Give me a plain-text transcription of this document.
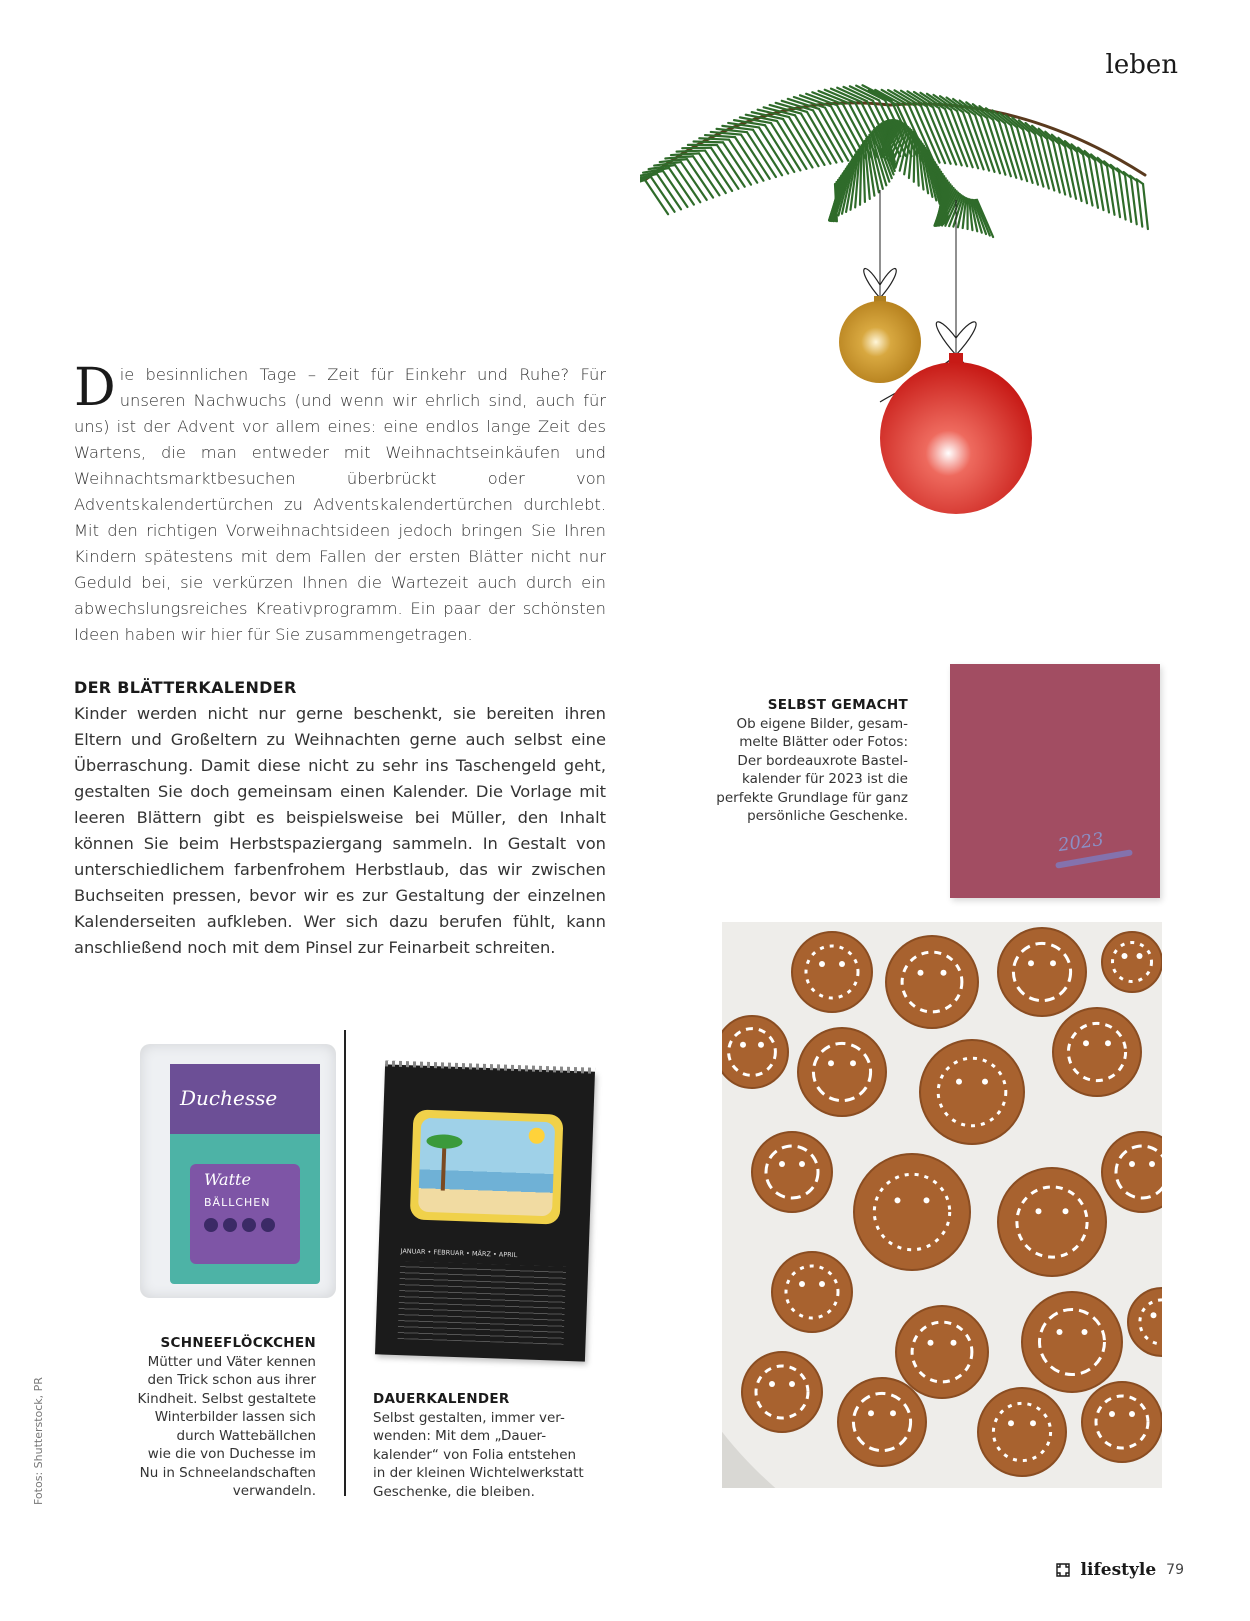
leben

Die besinnlichen Tage – Zeit für Einkehr und Ruhe? Für unseren Nachwuchs (und wenn wir ehrlich sind, auch für uns) ist der Advent vor allem eines: eine endlos lange Zeit des Wartens, die man entweder mit Weihnachtseinkäufen und Weihnachtsmarktbesuchen überbrückt oder von Adventskalendertürchen zu Adventskalendertürchen durchlebt. Mit den richtigen Vorweihnachtsideen jedoch bringen Sie Ihren Kindern spätestens mit dem Fallen der ersten Blätter nicht nur Geduld bei, sie verkürzen Ihnen die Wartezeit auch durch ein abwechslungsreiches Kreativprogramm. Ein paar der schönsten Ideen haben wir hier für Sie zusammengetragen.

DER BLÄTTERKALENDER

Kinder werden nicht nur gerne beschenkt, sie bereiten ihren Eltern und Großeltern zu Weihnachten gerne auch selbst eine Überraschung. Damit diese nicht zu sehr ins Taschengeld geht, gestalten Sie doch gemeinsam einen Kalender. Die Vorlage mit leeren Blättern gibt es beispielsweise bei Müller, den Inhalt können Sie beim Herbstspaziergang sammeln. In Gestalt von unterschiedlichem farbenfrohem Herbstlaub, das wir zwischen Buchseiten pressen, bevor wir es zur Gestaltung der einzelnen Kalenderseiten aufkleben. Wer sich dazu berufen fühlt, kann anschließend noch mit dem Pinsel zur Feinarbeit schreiten.

SELBST GEMACHT

Ob eigene Bilder, gesam-

melte Blätter oder Fotos:

Der bordeauxrote Bastel-

kalender für 2023 ist die

perfekte Grundlage für ganz

persönliche Geschenke.

2023
Duchesse
Watte
BÄLLCHEN
JANUAR • FEBRUAR • MÄRZ • APRIL
SCHNEEFLÖCKCHEN

Mütter und Väter kennen

den Trick schon aus ihrer

Kindheit. Selbst gestaltete

Winterbilder lassen sich

durch Wattebällchen

wie die von Duchesse im

Nu in Schneelandschaften

verwandeln.

DAUERKALENDER

Selbst gestalten, immer ver-

wenden: Mit dem „Dauer-

kalender“ von Folia entstehen

in der kleinen Wichtelwerkstatt

Geschenke, die bleiben.

Fotos: Shutterstock, PR
lifestyle 79
